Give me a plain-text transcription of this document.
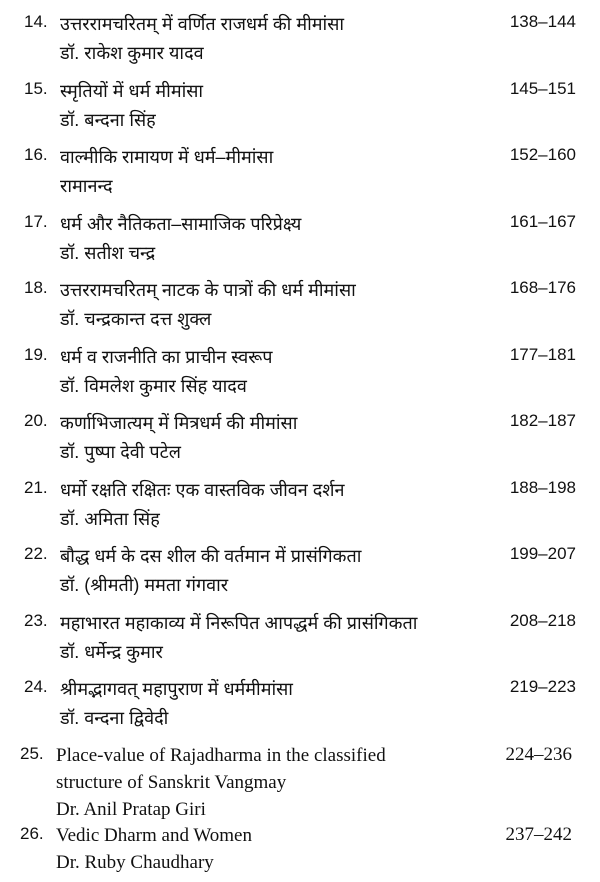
14. उत्तररामचरितम् में वर्णित राजधर्म की मीमांसा
डॉ. राकेश कुमार यादव
138–144
15. स्मृतियों में धर्म मीमांसा
डॉ. बन्दना सिंह
145–151
16. वाल्मीकि रामायण में धर्म–मीमांसा
रामानन्द
152–160
17. धर्म और नैतिकता–सामाजिक परिप्रेक्ष्य
डॉ. सतीश चन्द्र
161–167
18. उत्तररामचरितम् नाटक के पात्रों की धर्म मीमांसा
डॉ. चन्द्रकान्त दत्त शुक्ल
168–176
19. धर्म व राजनीति का प्राचीन स्वरूप
डॉ. विमलेश कुमार सिंह यादव
177–181
20. कर्णाभिजात्यम् में मित्रधर्म की मीमांसा
डॉ. पुष्पा देवी पटेल
182–187
21. धर्मो रक्षति रक्षितः एक वास्तविक जीवन दर्शन
डॉ. अमिता सिंह
188–198
22. बौद्ध धर्म के दस शील की वर्तमान में प्रासंगिकता
डॉ. (श्रीमती) ममता गंगवार
199–207
23. महाभारत महाकाव्य में निरूपित आपद्धर्म की प्रासंगिकता
डॉ. धर्मेन्द्र कुमार
208–218
24. श्रीमद्भागवत् महापुराण में धर्ममीमांसा
डॉ. वन्दना द्विवेदी
219–223
25. Place-value of Rajadharma in the classified
structure of Sanskrit Vangmay
Dr. Anil Pratap Giri
224–236
26. Vedic Dharm and Women
Dr. Ruby Chaudhary
237–242
